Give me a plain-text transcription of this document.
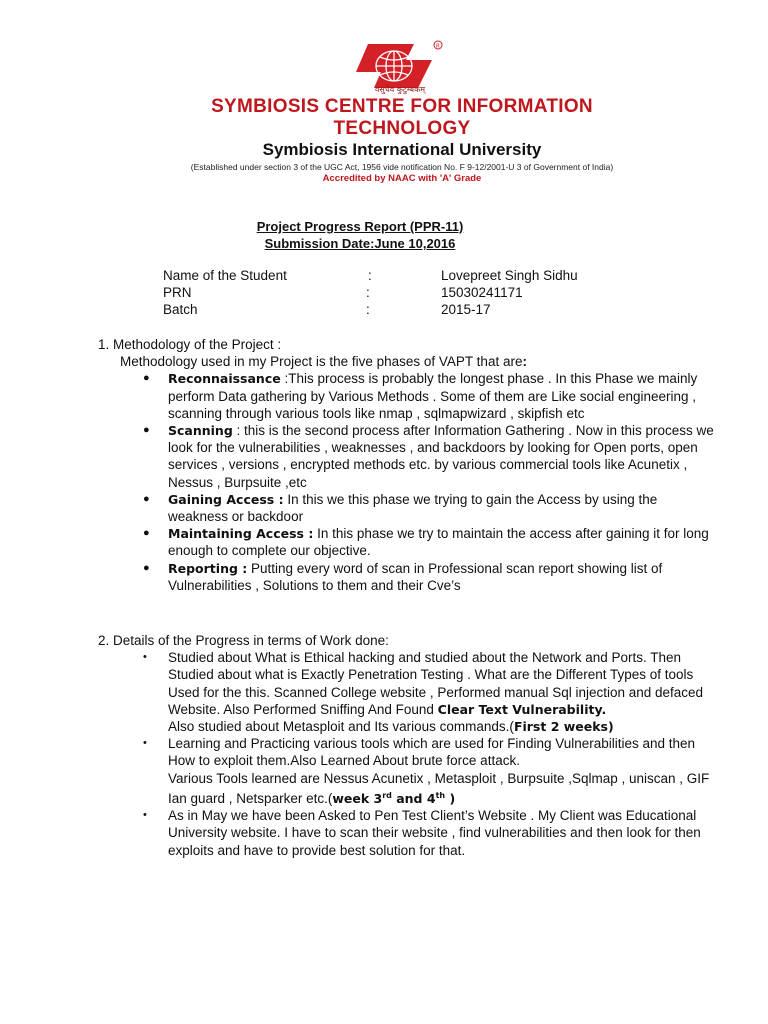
R
वसुधैव कुटुम्बकम्
SYMBIOSIS CENTRE FOR INFORMATION
TECHNOLOGY
Symbiosis International University
(Established under section 3 of the UGC Act, 1956 vide notification No. F 9-12/2001-U 3 of Government of India)
Accredited by NAAC with 'A' Grade
Project Progress Report (PPR-11)
Submission Date:June 10,2016
Name of the Student	:	Lovepreet Singh Sidhu
PRN	:	15030241171
Batch	:	2015-17
1. Methodology of the Project :
Methodology used in my Project is the five phases of VAPT that are:
● Reconnaissance :This process is probably the longest phase . In this Phase we mainly perform Data gathering by Various Methods . Some of them are Like social engineering , scanning through various tools like nmap , sqlmapwizard , skipfish etc
● Scanning : this is the second process after Information Gathering . Now in this process we look for the vulnerabilities , weaknesses , and backdoors by looking for Open ports, open services , versions , encrypted methods etc. by various commercial tools like Acunetix , Nessus , Burpsuite ,etc
● Gaining Access : In this we this phase we trying to gain the Access by using the weakness or backdoor
● Maintaining Access : In this phase we try to maintain the access after gaining it for long enough to complete our objective.
● Reporting : Putting every word of scan in Professional scan report showing list of Vulnerabilities , Solutions to them and their Cve’s
2. Details of the Progress in terms of Work done:
• Studied about What is Ethical hacking and studied about the Network and Ports. Then Studied about what is Exactly Penetration Testing . What are the Different Types of tools Used for the this. Scanned College website , Performed manual Sql injection and defaced Website. Also Performed Sniffing And Found Clear Text Vulnerability.
Also studied about Metasploit and Its various commands.(First 2 weeks)
• Learning and Practicing various tools which are used for Finding Vulnerabilities and then How to exploit them.Also Learned About brute force attack.
Various Tools learned are Nessus Acunetix , Metasploit , Burpsuite ,Sqlmap , uniscan , GIF Ian guard , Netsparker etc.(week 3rd and 4th )
• As in May we have been Asked to Pen Test Client’s Website . My Client was Educational University website. I have to scan their website , find vulnerabilities and then look for then exploits and have to provide best solution for that.
